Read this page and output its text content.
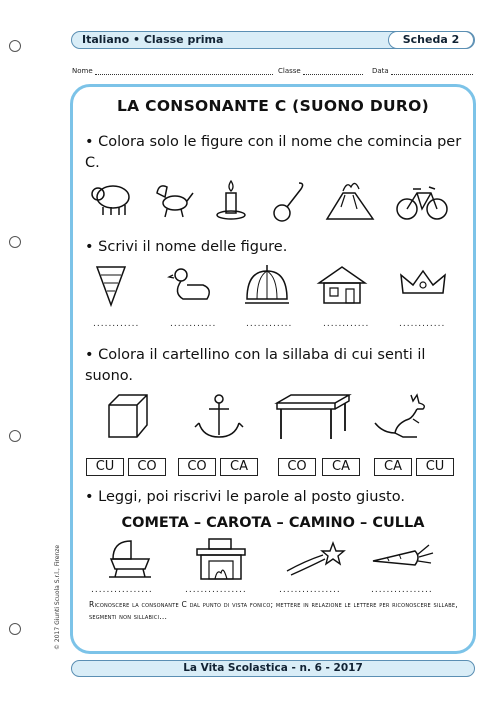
Italiano • Classe prima	Scheda 2
Nome	Classe	Data
LA CONSONANTE C (SUONO DURO)
• Colora solo le figure con il nome che comincia per C.
• Scrivi il nome delle figure.
............	............	............	............	............
• Colora il cartellino con la sillaba di cui senti il suono.
CU	CO	CO	CA	CO	CA	CA	CU
• Leggi, poi riscrivi le parole al posto giusto.
COMETA – CAROTA – CAMINO – CULLA
................	................	................	................
Riconoscere la consonante C dal punto di vista fonico; mettere in relazione le lettere per riconoscere sillabe, segmenti non sillabici...
© 2017 Giunti Scuola S.r.l., Firenze
La Vita Scolastica - n. 6 - 2017
